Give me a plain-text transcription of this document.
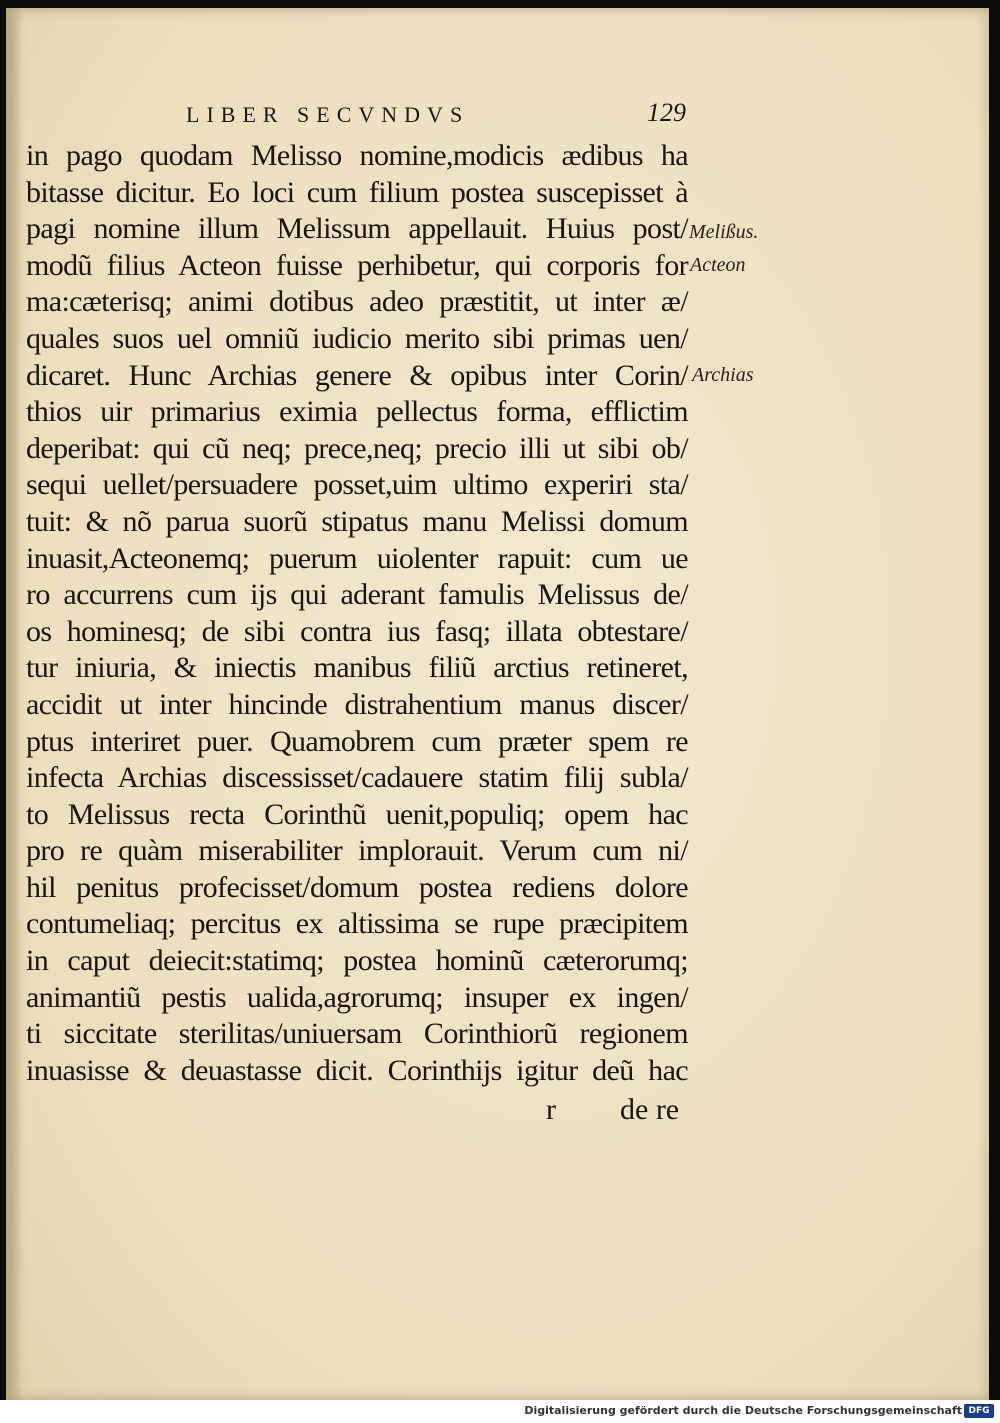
LIBER SECVNDVS	129
in pago quodam Melisso nomine,modicis ædibus ha
bitasse dicitur. Eo loci cum filium postea suscepisset à
pagi nomine illum Melissum appellauit. Huius post/
modũ filius Acteon fuisse perhibetur, qui corporis for
ma:cæterisq; animi dotibus adeo præstitit, ut inter æ/
quales suos uel omniũ iudicio merito sibi primas uen/
dicaret. Hunc Archias genere & opibus inter Corin/
thios uir primarius eximia pellectus forma, efflictim
deperibat: qui cũ neq; prece,neq; precio illi ut sibi ob/
sequi uellet/persuadere posset,uim ultimo experiri sta/
tuit: & nõ parua suorũ stipatus manu Melissi domum
inuasit,Acteonemq; puerum uiolenter rapuit: cum ue
ro accurrens cum ijs qui aderant famulis Melissus de/
os hominesq; de sibi contra ius fasq; illata obtestare/
tur iniuria, & iniectis manibus filiũ arctius retineret,
accidit ut inter hincinde distrahentium manus discer/
ptus interiret puer. Quamobrem cum præter spem re
infecta Archias discessisset/cadauere statim filij subla/
to Melissus recta Corinthũ uenit,populiq; opem hac
pro re quàm miserabiliter implorauit. Verum cum ni/
hil penitus profecisset/domum postea rediens dolore
contumeliaq; percitus ex altissima se rupe præcipitem
in caput deiecit:statimq; postea hominũ cæterorumq;
animantiũ pestis ualida,agrorumq; insuper ex ingen/
ti siccitate sterilitas/uniuersam Corinthiorũ regionem
inuasisse & deuastasse dicit. Corinthijs igitur deũ hac
Melißus.
Acteon
Archias
r de re
Digitalisierung gefördert durch die Deutsche Forschungsgemeinschaft DFG
